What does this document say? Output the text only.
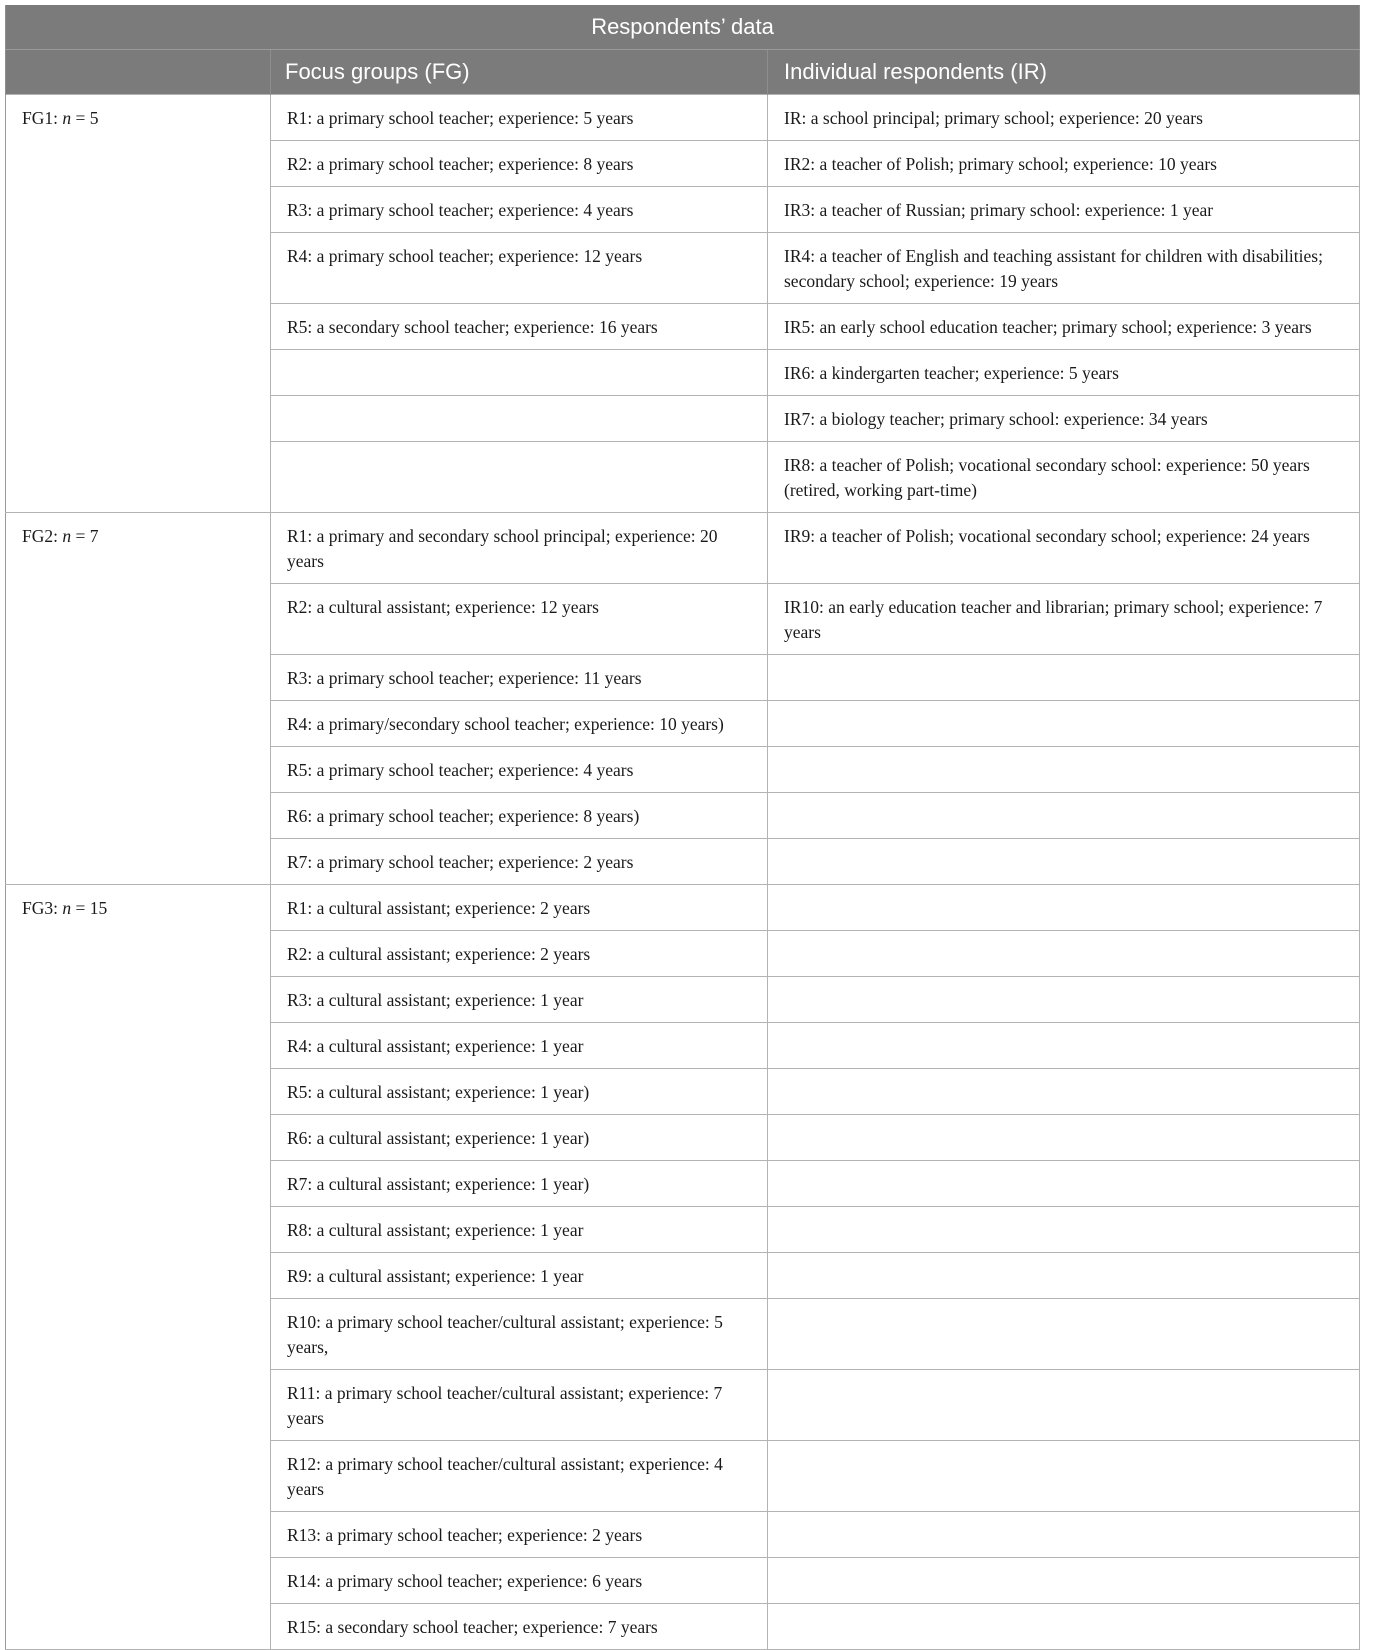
Respondents’ data		
	Focus groups (FG)	Individual respondents (IR)
FG1: n = 5	R1: a primary school teacher; experience: 5 years	IR: a school principal; primary school; experience: 20 years
	R2: a primary school teacher; experience: 8 years	IR2: a teacher of Polish; primary school; experience: 10 years
	R3: a primary school teacher; experience: 4 years	IR3: a teacher of Russian; primary school: experience: 1 year
	R4: a primary school teacher; experience: 12 years	IR4: a teacher of English and teaching assistant for children with disabilities; secondary school; experience: 19 years
	R5: a secondary school teacher; experience: 16 years	IR5: an early school education teacher; primary school; experience: 3 years
		IR6: a kindergarten teacher; experience: 5 years
		IR7: a biology teacher; primary school: experience: 34 years
		IR8: a teacher of Polish; vocational secondary school: experience: 50 years (retired, working part-time)
FG2: n = 7	R1: a primary and secondary school principal; experience: 20 years	IR9: a teacher of Polish; vocational secondary school; experience: 24 years
	R2: a cultural assistant; experience: 12 years	IR10: an early education teacher and librarian; primary school; experience: 7 years
	R3: a primary school teacher; experience: 11 years	
	R4: a primary/secondary school teacher; experience: 10 years)	
	R5: a primary school teacher; experience: 4 years	
	R6: a primary school teacher; experience: 8 years)	
	R7: a primary school teacher; experience: 2 years	
FG3: n = 15	R1: a cultural assistant; experience: 2 years	
	R2: a cultural assistant; experience: 2 years	
	R3: a cultural assistant; experience: 1 year	
	R4: a cultural assistant; experience: 1 year	
	R5: a cultural assistant; experience: 1 year)	
	R6: a cultural assistant; experience: 1 year)	
	R7: a cultural assistant; experience: 1 year)	
	R8: a cultural assistant; experience: 1 year	
	R9: a cultural assistant; experience: 1 year	
	R10: a primary school teacher/cultural assistant; experience: 5 years,	
	R11: a primary school teacher/cultural assistant; experience: 7 years	
	R12: a primary school teacher/cultural assistant; experience: 4 years	
	R13: a primary school teacher; experience: 2 years	
	R14: a primary school teacher; experience: 6 years	
	R15: a secondary school teacher; experience: 7 years	
